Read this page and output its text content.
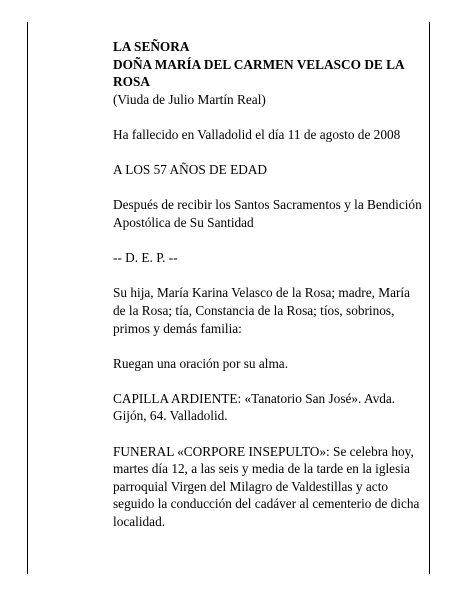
LA SEÑORA

DOÑA MARÍA DEL CARMEN VELASCO DE LA

ROSA

(Viuda de Julio Martín Real)

Ha fallecido en Valladolid el día 11 de agosto de 2008

A LOS 57 AÑOS DE EDAD

Después de recibir los Santos Sacramentos y la Bendición Apostólica de Su Santidad

-- D. E. P. --

Su hija, María Karina Velasco de la Rosa; madre, María de la Rosa; tía, Constancia de la Rosa; tíos, sobrinos, primos y demás familia:

Ruegan una oración por su alma.

CAPILLA ARDIENTE: «Tanatorio San José». Avda. Gijón, 64. Valladolid.

FUNERAL «CORPORE INSEPULTO»: Se celebra hoy, martes día 12, a las seis y media de la tarde en la iglesia parroquial Virgen del Milagro de Valdestillas y acto seguido la conducción del cadáver al cementerio de dicha localidad.
